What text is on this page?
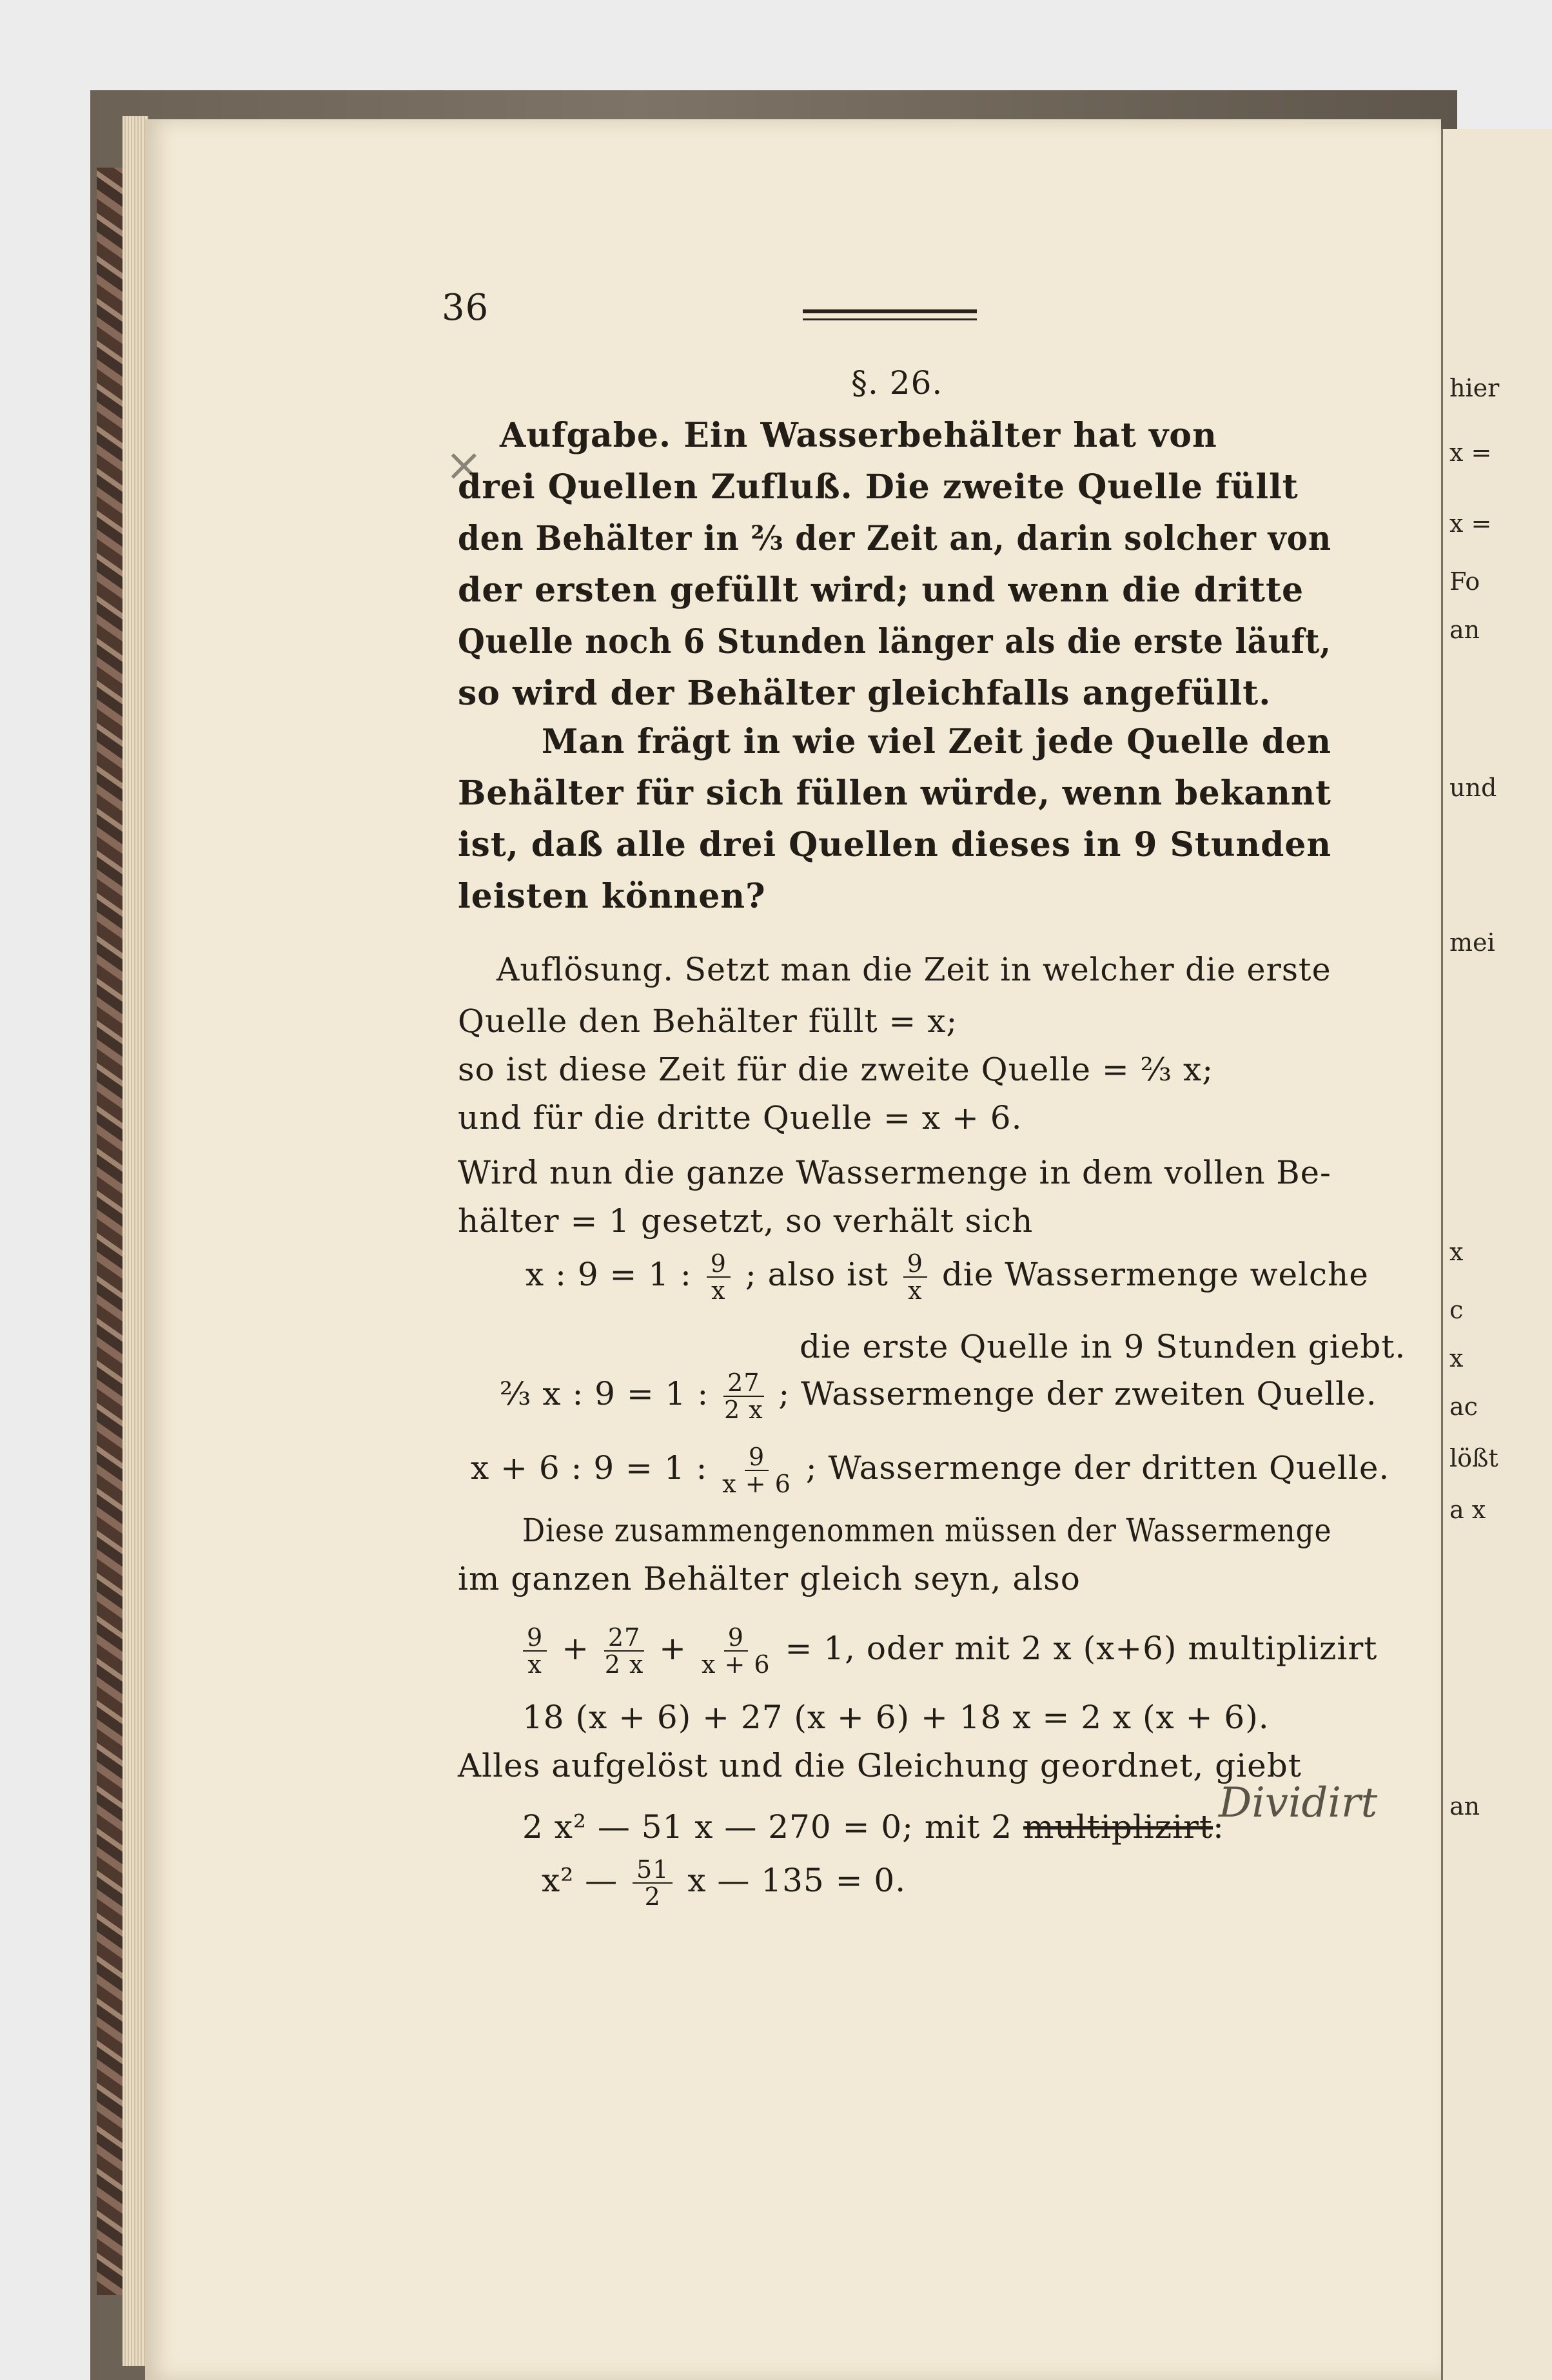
36
§. 26.
×
Aufgabe. Ein Wasserbehälter hat von
drei Quellen Zufluß. Die zweite Quelle füllt
den Behälter in ⅔ der Zeit an, darin solcher von
der ersten gefüllt wird; und wenn die dritte
Quelle noch 6 Stunden länger als die erste läuft,
so wird der Behälter gleichfalls angefüllt.
Man frägt in wie viel Zeit jede Quelle den
Behälter für sich füllen würde, wenn bekannt
ist, daß alle drei Quellen dieses in 9 Stunden
leisten können?
Auflösung. Setzt man die Zeit in welcher die erste
Quelle den Behälter füllt = x;
so ist diese Zeit für die zweite Quelle = ⅔ x;
und für die dritte Quelle = x + 6.
Wird nun die ganze Wassermenge in dem vollen Be-
hälter = 1 gesetzt, so verhält sich
x : 9 = 1 : $\frac{9}{x}$ ; also ist $\frac{9}{x}$ die Wassermenge welche
die erste Quelle in 9 Stunden giebt.
⅔ x : 9 = 1 : $\frac{27}{2 x}$ ; Wassermenge der zweiten Quelle.
x + 6 : 9 = 1 : $\frac{9}{x + 6}$ ; Wassermenge der dritten Quelle.
Diese zusammengenommen müssen der Wassermenge
im ganzen Behälter gleich seyn, also
$\frac{9}{x} + \frac{27}{2 x} + \frac{9}{x + 6} = 1$, oder mit 2 x (x+6) multiplizirt
18 (x + 6) + 27 (x + 6) + 18 x = 2 x (x + 6).
Alles aufgelöst und die Gleichung geordnet, giebt
2 x² — 51 x — 270 = 0; mit 2 multiplizirt:
Dividirt
x² — $\frac{51}{2}$ x — 135 = 0.
hier
x =
x =
Fo
an
und
mei
x
c
x
ac
lößt
a x
an
